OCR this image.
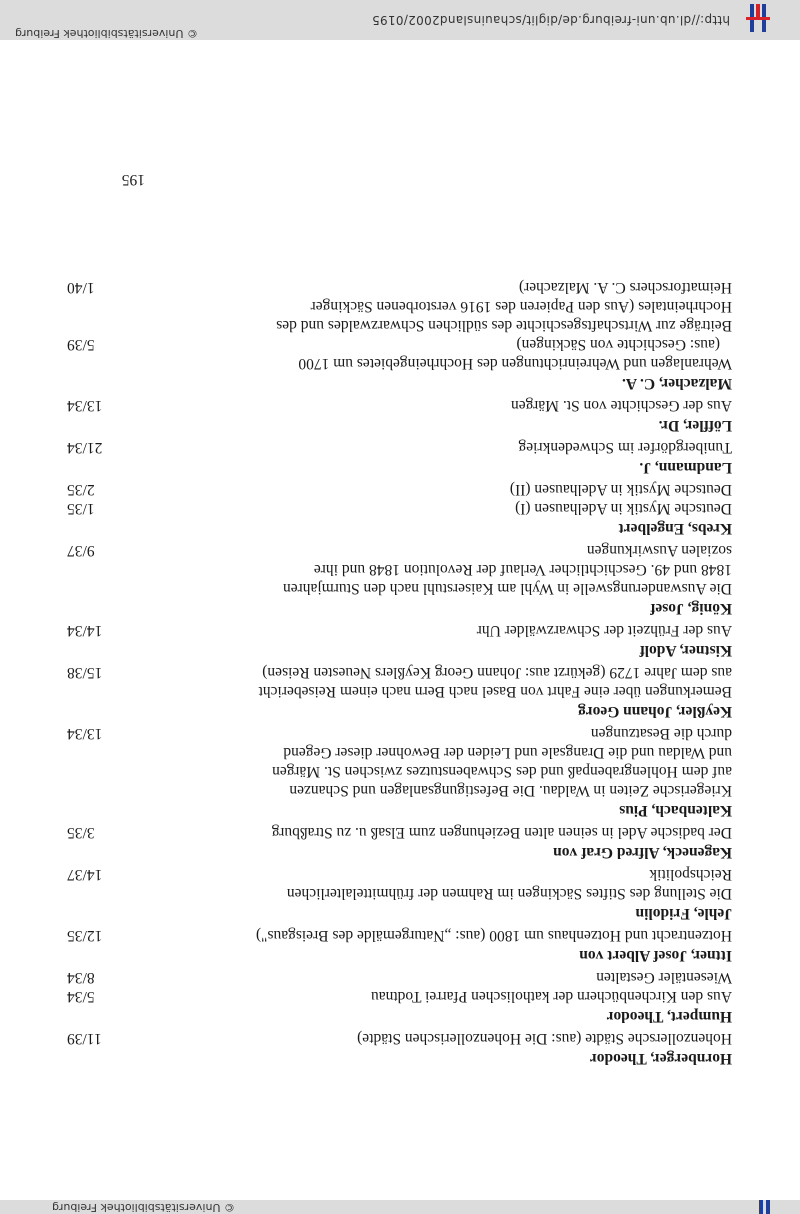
© Universitätsbibliothek Freiburg
Hornberger, Theodor
Hohenzollersche Städte (aus: Die Hohenzollerischen Städte)
11/39
Humpert, Theodor
Aus den Kirchenbüchern der katholischen Pfarrei Todtnau
5/34
Wiesentäler Gestalten
8/34
Ittner, Josef Albert von
Hotzentracht und Hotzenhaus um 1800 (aus: „Naturgemälde des Breisgaus")
12/35
Jehle, Fridolin
Die Stellung des Stiftes Säckingen im Rahmen der frühmittelalterlichen
Reichspolitik
14/37
Kageneck, Alfred Graf von
Der badische Adel in seinen alten Beziehungen zum Elsaß u. zu Straßburg
3/35
Kaltenbach, Pius
Kriegerische Zeiten in Waldau. Die Befestigungsanlagen und Schanzen
auf dem Hohlengrabenpaß und des Schwabenstutzes zwischen St. Märgen
und Waldau und die Drangsale und Leiden der Bewohner dieser Gegend
durch die Besatzungen
13/34
Keyßler, Johann Georg
Bemerkungen über eine Fahrt von Basel nach Bern nach einem Reisebericht
aus dem Jahre 1729 (gekürzt aus: Johann Georg Keyßlers Neuesten Reisen)
15/38
Kistner, Adolf
Aus der Frühzeit der Schwarzwälder Uhr
14/34
König, Josef
Die Auswanderungswelle in Wyhl am Kaiserstuhl nach den Sturmjahren
1848 und 49. Geschichtlicher Verlauf der Revolution 1848 und ihre
sozialen Auswirkungen
9/37
Krebs, Engelbert
Deutsche Mystik in Adelhausen (I)
1/35
Deutsche Mystik in Adelhausen (II)
2/35
Landmann, J.
Tunibergdörfer im Schwedenkrieg
21/34
Löffler, Dr.
Aus der Geschichte von St. Märgen
13/34
Malzacher, C. A.
Wehranlagen und Wehreinrichtungen des Hochrheingebietes um 1700
(aus: Geschichte von Säckingen)
5/39
Beiträge zur Wirtschaftsgeschichte des südlichen Schwarzwaldes und des
Hochrheintales (Aus den Papieren des 1916 verstorbenen Säckinger
Heimatforschers C. A. Malzacher)
1/40
195
http://dl.ub.uni-freiburg.de/diglit/schauinsland2002/0195
© Universitätsbibliothek Freiburg
